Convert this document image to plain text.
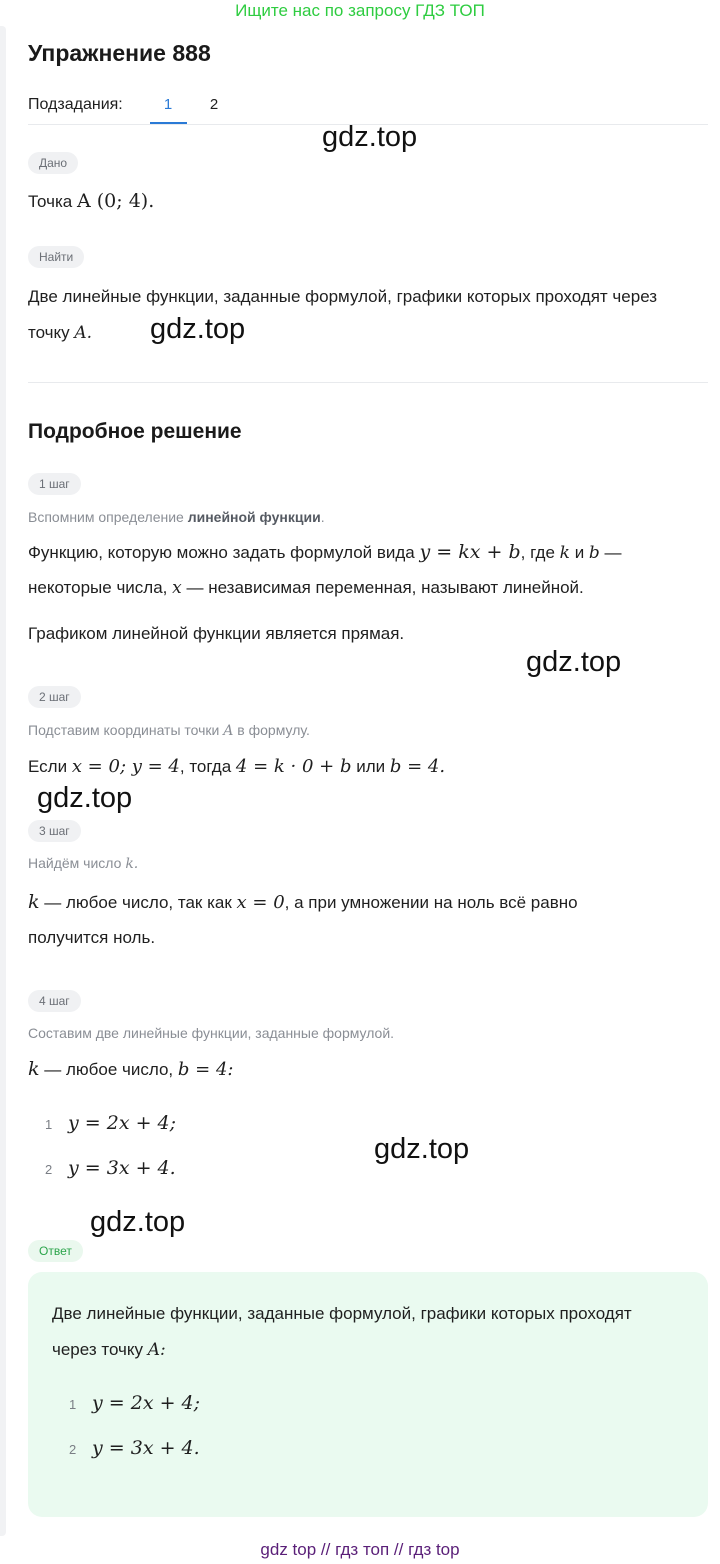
Ищите нас по запросу ГДЗ ТОП
Упражнение 888
Подзадания:	1	2
Дано
Точка A (0; 4).
Найти
Две линейные функции, заданные формулой, графики которых проходят через
точку A.
Подробное решение
1 шаг
Вспомним определение линейной функции.
Функцию, которую можно задать формулой вида y = kx + b, где k и b —
некоторые числа, x — независимая переменная, называют линейной.
Графиком линейной функции является прямая.
2 шаг
Подставим координаты точки A в формулу.
Если x = 0; y = 4, тогда 4 = k · 0 + b или b = 4.
3 шаг
Найдём число k.
k — любое число, так как x = 0, а при умножении на ноль всё равно
получится ноль.
4 шаг
Составим две линейные функции, заданные формулой.
k — любое число, b = 4:
1 y = 2x + 4;
2 y = 3x + 4.
Ответ
Две линейные функции, заданные формулой, графики которых проходят
через точку A:
1 y = 2x + 4;
2 y = 3x + 4.
gdz.top
gdz.top
gdz.top
gdz.top
gdz.top
gdz.top
gdz top // гдз топ // гдз top
